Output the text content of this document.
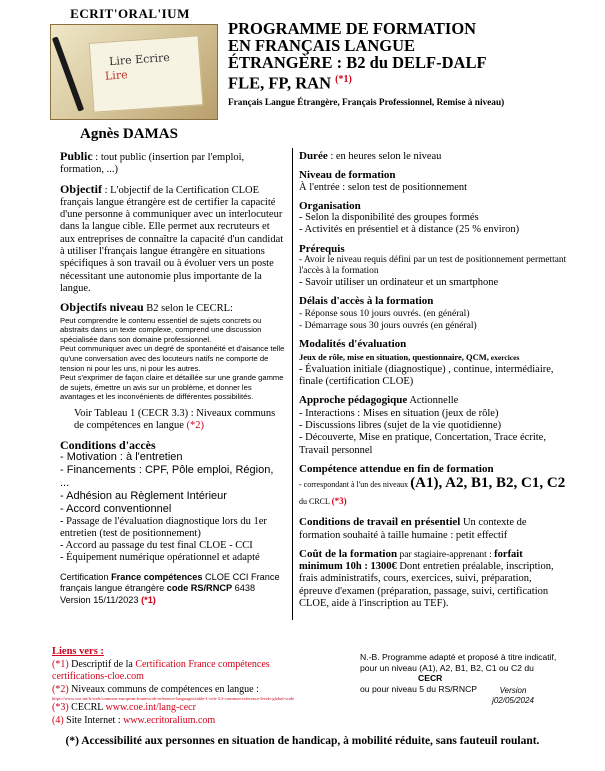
ECRIT'ORAL'IUM
Lire Ecrire
Lire
Agnès DAMAS
PROGRAMME DE FORMATION
EN FRANÇAIS LANGUE
ÉTRANGÈRE : B2 du DELF-DALF
FLE, FP, RAN $^{(*1)}$
Français Langue Étrangère, Français Professionnel, Remise à niveau)
Public : tout public (insertion par l'emploi, formation, ...)
Objectif : L'objectif de la Certification CLOE français langue étrangère est de certifier la capacité d'une personne à communiquer avec un interlocuteur dans la langue cible. Elle permet aux recruteurs et aux entreprises de connaître la capacité d'un candidat à utiliser l'français langue étrangère en situations spécifiques à son travail ou à évoluer vers un poste nécessitant une autonomie plus importante de la langue.
Objectifs niveau B2 selon le CECRL:
Peut comprendre le contenu essentiel de sujets concrets ou abstraits dans un texte complexe, comprend une discussion spécialisée dans son domaine professionnel.
Peut communiquer avec un degré de spontanéité et d'aisance telle qu'une conversation avec des locuteurs natifs ne comporte de tension ni pour les uns, ni pour les autres.
Peut s'exprimer de façon claire et détaillée sur une grande gamme de sujets, émettre un avis sur un problème, et donner les avantages et les inconvénients de différentes possibilités.
Voir Tableau 1 (CECR 3.3) : Niveaux communs de compétences en langue (*2)
Conditions d'accès
- Motivation : à l'entretien
- Financements : CPF, Pôle emploi, Région, ...
- Adhésion au Règlement Intérieur
- Accord conventionnel
- Passage de l'évaluation diagnostique lors du 1er entretien (test de positionnement)
- Accord au passage du test final CLOE - CCI
- Équipement numérique opérationnel et adapté
Certification France compétences CLOE CCI France français langue étrangère code RS/RNCP 6438 Version 15/11/2023 (*1)
Liens vers :
(*1) Descriptif de la Certification France compétences
certifications-cloe.com
(*2) Niveaux communs de compétences en langue :
https://www.coe.int/fr/web/common-european-framework-reference-languages/table-1-cefr-3.3-common-reference-levels-global-scale
(*3) CECRL www.coe.int/lang-cecr
(4) Site Internet : www.ecritoralium.com
Durée : en heures selon le niveau
Niveau de formation
À l'entrée : selon test de positionnement
Organisation
- Selon la disponibilité des groupes formés
- Activités en présentiel et à distance (25 % environ)
Prérequis
- Avoir le niveau requis défini par un test de positionnement permettant l'accès à la formation
- Savoir utiliser un ordinateur et un smartphone
Délais d'accès à la formation
- Réponse sous 10 jours ouvrés. (en général)
- Démarrage sous 30 jours ouvrés (en général)
Modalités d'évaluation
Jeux de rôle, mise en situation, questionnaire, QCM, exercices
- Évaluation initiale (diagnostique) , continue, intermédiaire, finale (certification CLOE)
Approche pédagogique Actionnelle
- Interactions : Mises en situation (jeux de rôle)
- Discussions libres (sujet de la vie quotidienne)
- Découverte, Mise en pratique, Concertation, Trace écrite, Travail personnel
Compétence attendue en fin de formation
- correspondant à l'un des niveaux (A1), A2, B1, B2, C1, C2 du CRCL (*3)
Conditions de travail en présentiel Un contexte de formation souhaité à taille humaine : petit effectif
Coût de la formation par stagiaire-apprenant : forfait minimum 10h : 1300€ Dont entretien préalable, inscription, frais administratifs, cours, exercices, suivi, préparation, épreuve d'examen (préparation, passage, suivi, certification CLOE, aide à l'inscription au TEF).
N.-B. Programme adapté et proposé à titre indicatif,
pour un niveau (A1), A2, B1, B2, C1 ou C2 du
CECR
ou pour niveau 5 du RS/RNCP	Version
j02/05/2024
(*) Accessibilité aux personnes en situation de handicap, à mobilité réduite, sans fauteuil roulant.
